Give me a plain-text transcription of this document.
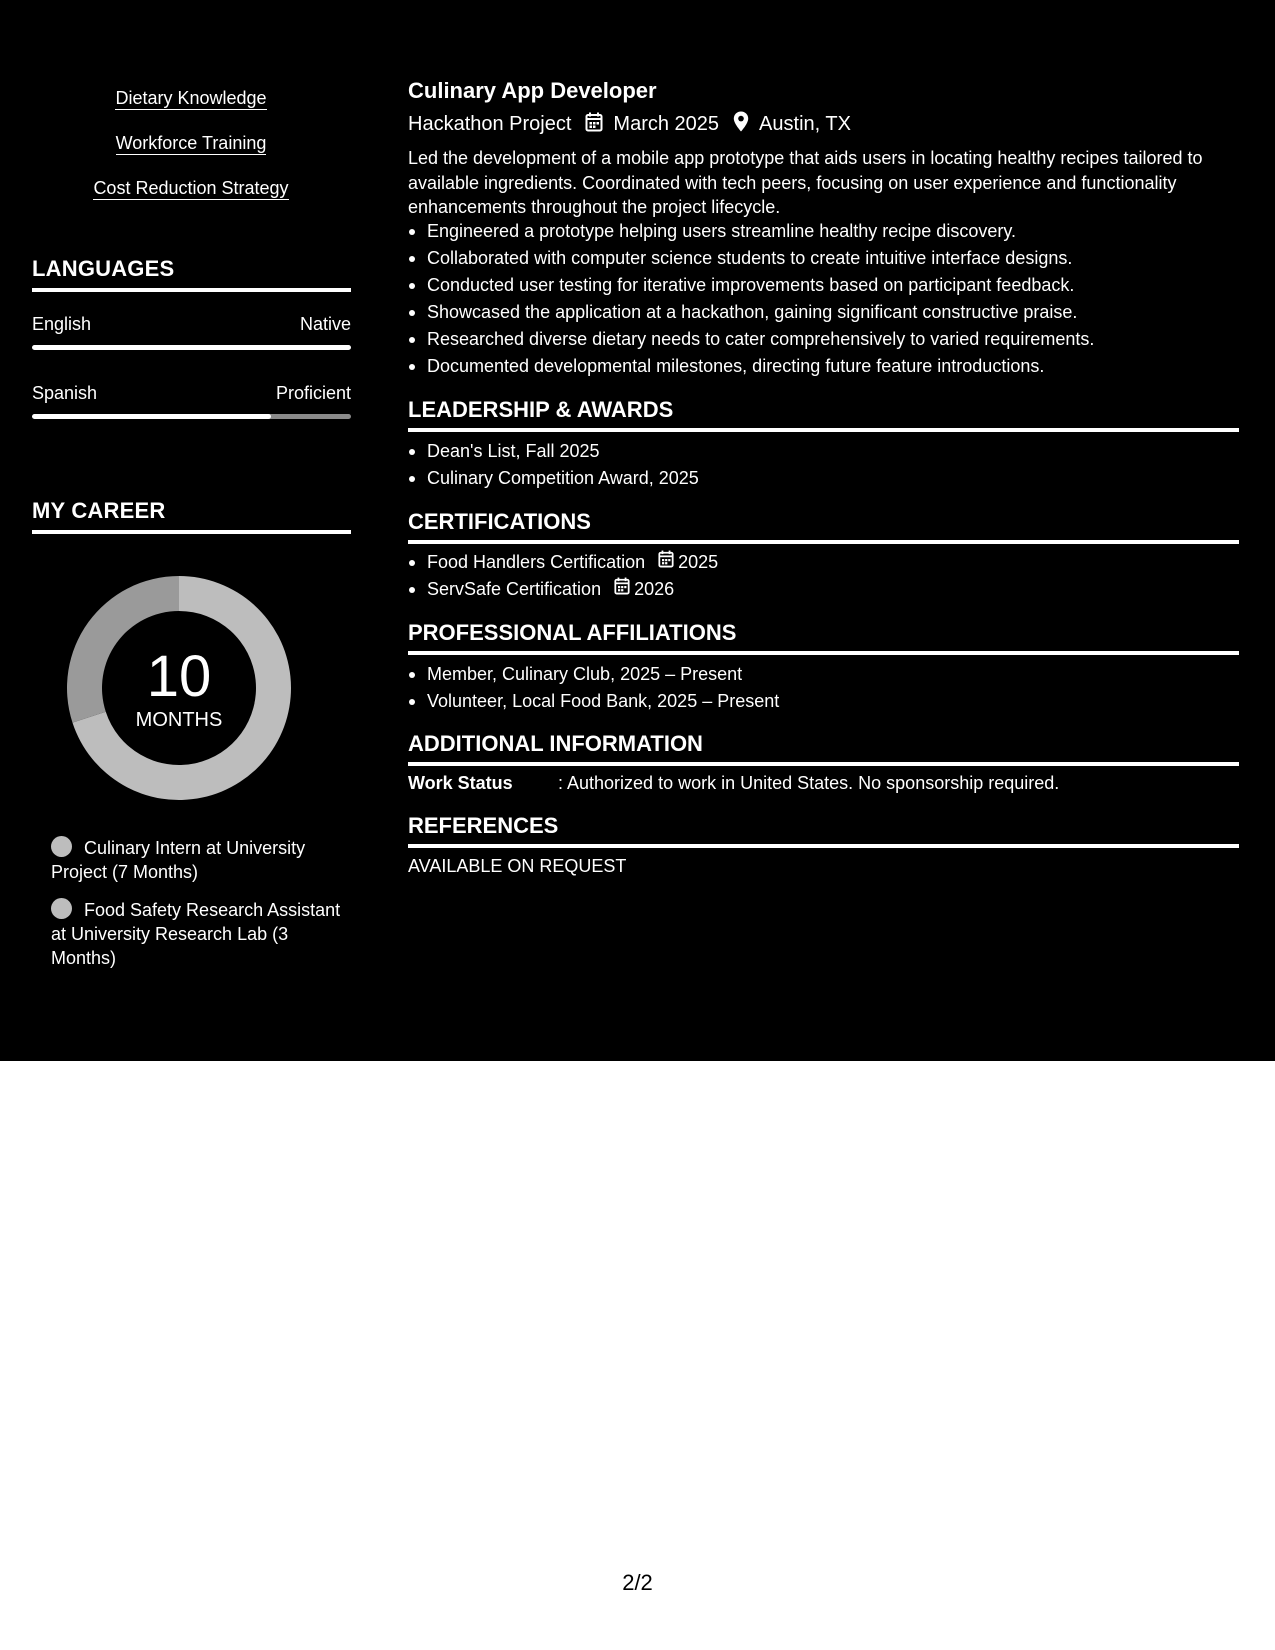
Dietary Knowledge
Workforce Training
Cost Reduction Strategy
LANGUAGES
English	Native
Spanish	Proficient
MY CAREER
10
MONTHS
Culinary Intern at University Project (7 Months)
Food Safety Research Assistant at University Research Lab (3 Months)
Culinary App Developer
Hackathon Project March 2025 Austin, TX
Led the development of a mobile app prototype that aids users in locating healthy recipes tailored to available ingredients. Coordinated with tech peers, focusing on user experience and functionality enhancements throughout the project lifecycle.
Engineered a prototype helping users streamline healthy recipe discovery.
Collaborated with computer science students to create intuitive interface designs.
Conducted user testing for iterative improvements based on participant feedback.
Showcased the application at a hackathon, gaining significant constructive praise.
Researched diverse dietary needs to cater comprehensively to varied requirements.
Documented developmental milestones, directing future feature introductions.
LEADERSHIP & AWARDS
Dean's List, Fall 2025
Culinary Competition Award, 2025
CERTIFICATIONS
Food Handlers Certification 2025
ServSafe Certification 2026
PROFESSIONAL AFFILIATIONS
Member, Culinary Club, 2025 – Present
Volunteer, Local Food Bank, 2025 – Present
ADDITIONAL INFORMATION
Work Status	: Authorized to work in United States. No sponsorship required.
REFERENCES
AVAILABLE ON REQUEST
2/2
